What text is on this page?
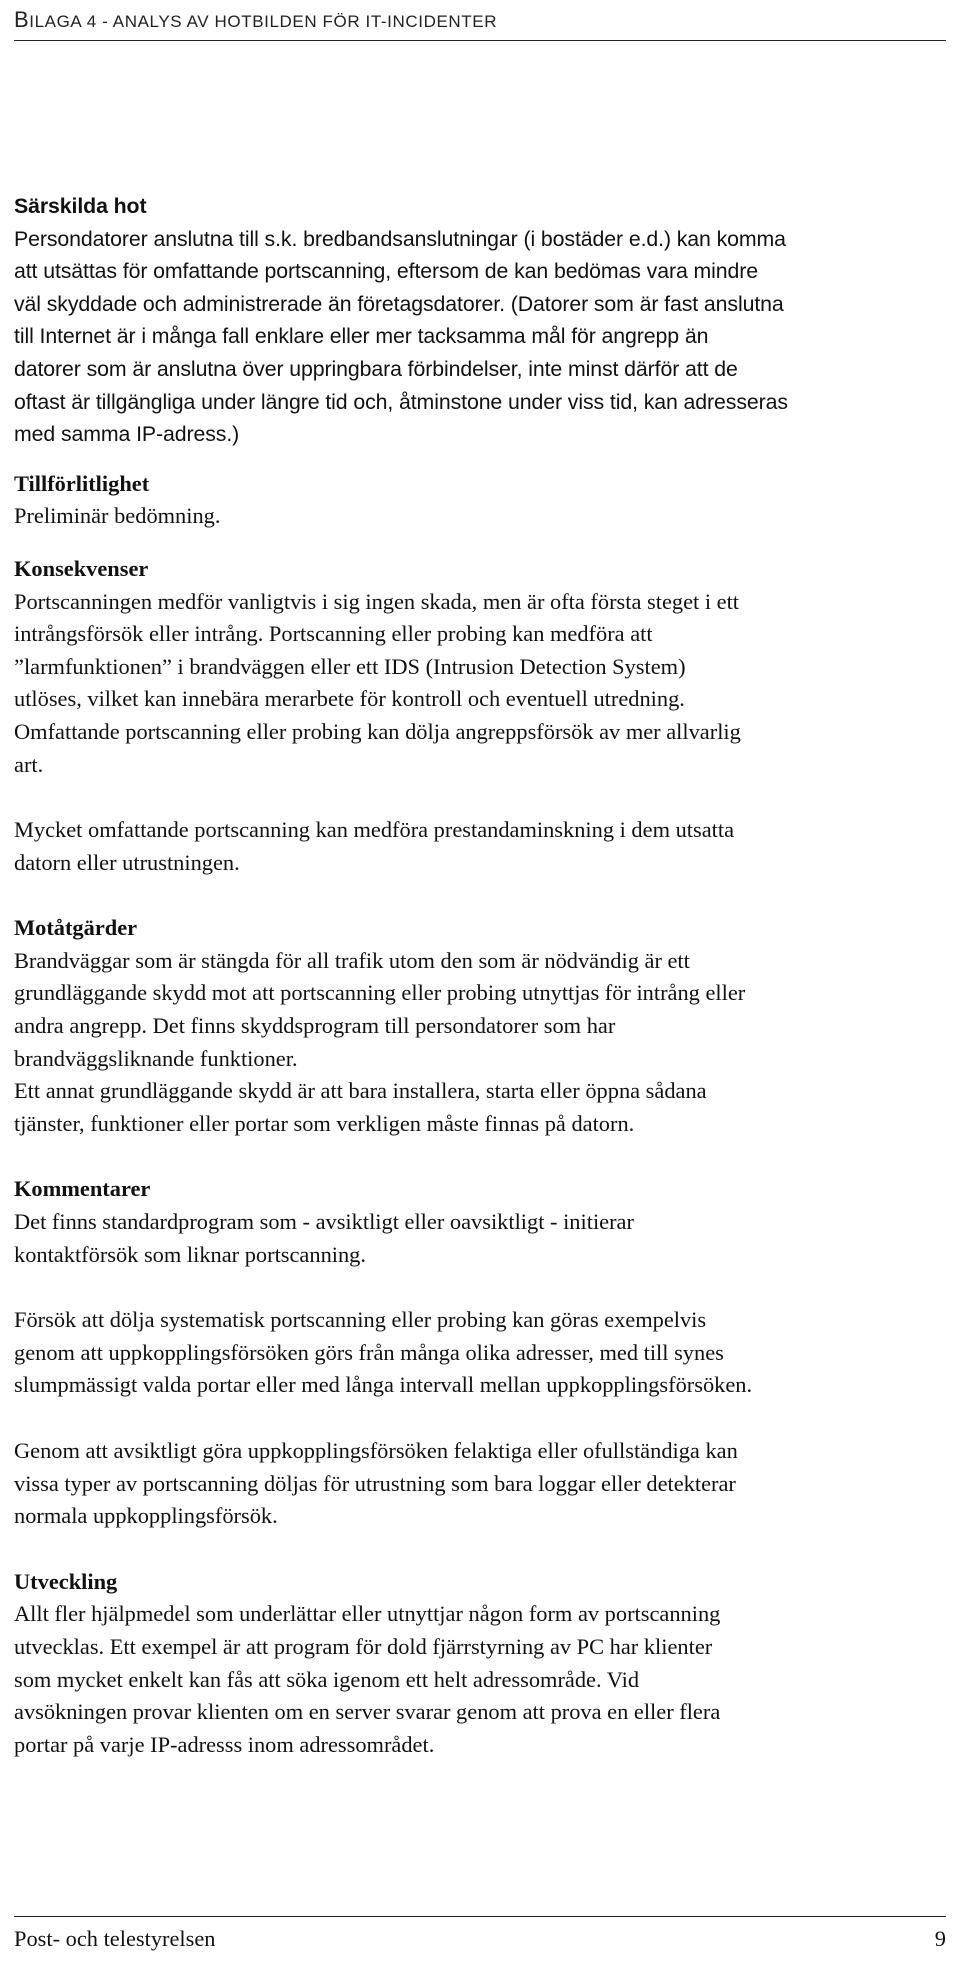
BILAGA 4 - ANALYS AV HOTBILDEN FÖR IT-INCIDENTER

Särskilda hot

Persondatorer anslutna till s.k. bredbandsanslutningar (i bostäder e.d.) kan komma

att utsättas för omfattande portscanning, eftersom de kan bedömas vara mindre

väl skyddade och administrerade än företagsdatorer. (Datorer som är fast anslutna

till Internet är i många fall enklare eller mer tacksamma mål för angrepp än

datorer som är anslutna över uppringbara förbindelser, inte minst därför att de

oftast är tillgängliga under längre tid och, åtminstone under viss tid, kan adresseras

med samma IP-adress.)

Tillförlitlighet

Preliminär bedömning.

Konsekvenser

Portscanningen medför vanligtvis i sig ingen skada, men är ofta första steget i ett

intrångsförsök eller intrång. Portscanning eller probing kan medföra att

”larmfunktionen” i brandväggen eller ett IDS (Intrusion Detection System)

utlöses, vilket kan innebära merarbete för kontroll och eventuell utredning.

Omfattande portscanning eller probing kan dölja angreppsförsök av mer allvarlig

art.

Mycket omfattande portscanning kan medföra prestandaminskning i dem utsatta

datorn eller utrustningen.

Motåtgärder

Brandväggar som är stängda för all trafik utom den som är nödvändig är ett

grundläggande skydd mot att portscanning eller probing utnyttjas för intrång eller

andra angrepp. Det finns skyddsprogram till persondatorer som har

brandväggsliknande funktioner.

Ett annat grundläggande skydd är att bara installera, starta eller öppna sådana

tjänster, funktioner eller portar som verkligen måste finnas på datorn.

Kommentarer

Det finns standardprogram som - avsiktligt eller oavsiktligt - initierar

kontaktförsök som liknar portscanning.

Försök att dölja systematisk portscanning eller probing kan göras exempelvis

genom att uppkopplingsförsöken görs från många olika adresser, med till synes

slumpmässigt valda portar eller med långa intervall mellan uppkopplingsförsöken.

Genom att avsiktligt göra uppkopplingsförsöken felaktiga eller ofullständiga kan

vissa typer av portscanning döljas för utrustning som bara loggar eller detekterar

normala uppkopplingsförsök.

Utveckling

Allt fler hjälpmedel som underlättar eller utnyttjar någon form av portscanning

utvecklas. Ett exempel är att program för dold fjärrstyrning av PC har klienter

som mycket enkelt kan fås att söka igenom ett helt adressområde. Vid

avsökningen provar klienten om en server svarar genom att prova en eller flera

portar på varje IP-adresss inom adressområdet.

Post- och telestyrelsen	9
